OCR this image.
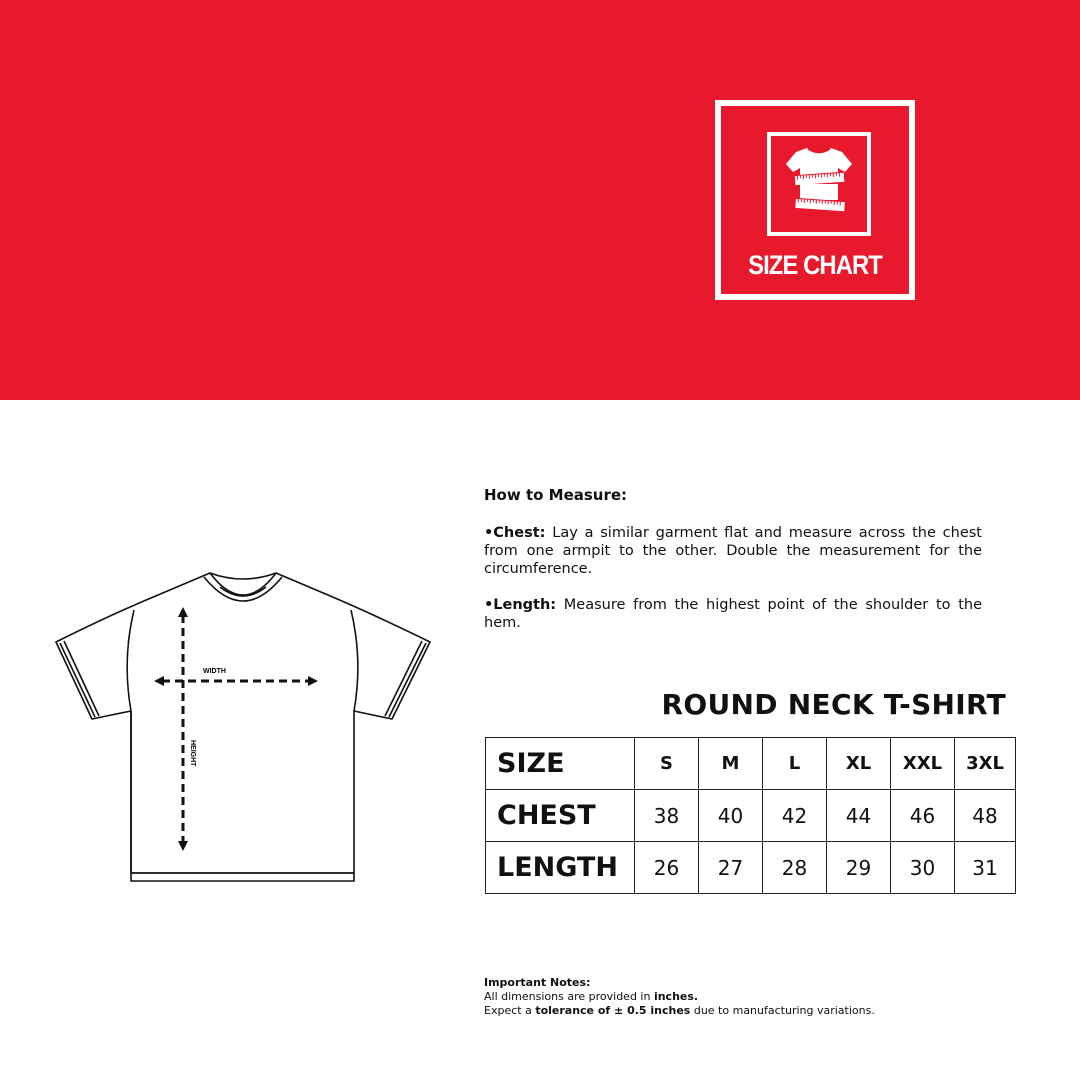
SIZE CHART
WIDTH
HEIGHT
How to Measure:

•Chest: Lay a similar garment flat and measure across the chest from one armpit to the other. Double the measurement for the circumference.

•Length: Measure from the highest point of the shoulder to the hem.

ROUND NECK T-SHIRT
SIZE	S	M	L	XL	XXL	3XL
CHEST	38	40	42	44	46	48
LENGTH	26	27	28	29	30	31
Important Notes:
All dimensions are provided in inches.
Expect a tolerance of ± 0.5 inches due to manufacturing variations.
